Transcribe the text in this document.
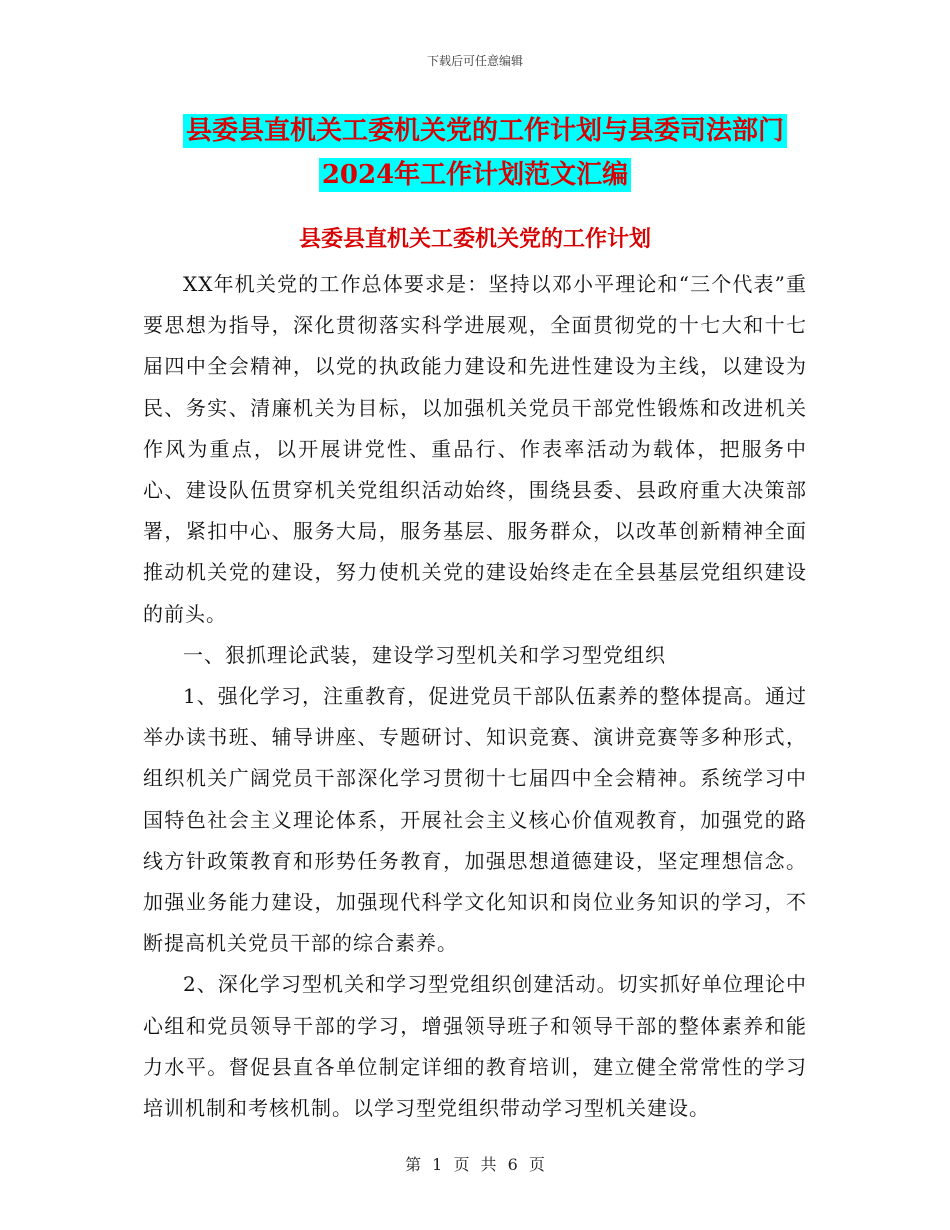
下载后可任意编辑
县委县直机关工委机关党的工作计划与县委司法部门
2024年工作计划范文汇编
县委县直机关工委机关党的工作计划

XX年机关党的工作总体要求是：坚持以邓小平理论和“三个代表”重要思想为指导，深化贯彻落实科学进展观，全面贯彻党的十七大和十七届四中全会精神，以党的执政能力建设和先进性建设为主线，以建设为民、务实、清廉机关为目标，以加强机关党员干部党性锻炼和改进机关作风为重点，以开展讲党性、重品行、作表率活动为载体，把服务中心、建设队伍贯穿机关党组织活动始终，围绕县委、县政府重大决策部署，紧扣中心、服务大局，服务基层、服务群众，以改革创新精神全面推动机关党的建设，努力使机关党的建设始终走在全县基层党组织建设的前头。

一、狠抓理论武装，建设学习型机关和学习型党组织

1、强化学习，注重教育，促进党员干部队伍素养的整体提高。通过举办读书班、辅导讲座、专题研讨、知识竞赛、演讲竞赛等多种形式，组织机关广阔党员干部深化学习贯彻十七届四中全会精神。系统学习中国特色社会主义理论体系，开展社会主义核心价值观教育，加强党的路线方针政策教育和形势任务教育，加强思想道德建设，坚定理想信念。加强业务能力建设，加强现代科学文化知识和岗位业务知识的学习，不断提高机关党员干部的综合素养。

2、深化学习型机关和学习型党组织创建活动。切实抓好单位理论中心组和党员领导干部的学习，增强领导班子和领导干部的整体素养和能力水平。督促县直各单位制定详细的教育培训，建立健全常常性的学习培训机制和考核机制。以学习型党组织带动学习型机关建设。

第 1 页 共 6 页
